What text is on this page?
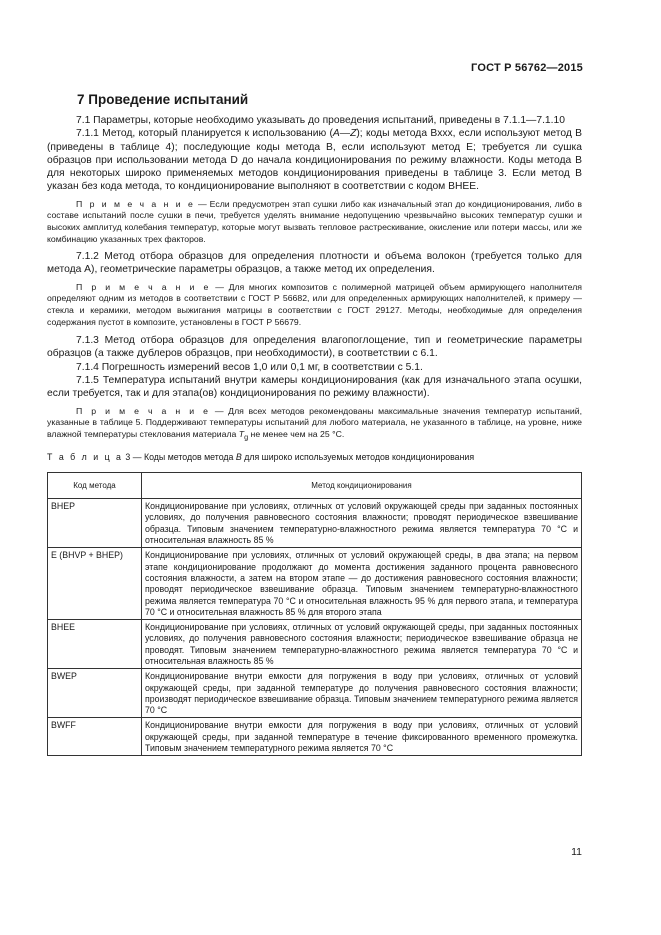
ГОСТ Р 56762—2015
7 Проведение испытаний

7.1 Параметры, которые необходимо указывать до проведения испытаний, приведены в 7.1.1—7.1.10

7.1.1 Метод, который планируется к использованию (A—Z); коды метода Bxxx, если используют метод В (приведены в таблице 4); последующие коды метода В, если используют метод Е; требуется ли сушка образцов при использовании метода D до начала кондиционирования по режиму влажности. Коды метода В для некоторых широко применяемых методов кондиционирования приведены в таблице 3. Если метод В указан без кода метода, то кондиционирование выполняют в соответствии с кодом ВНЕЕ.

П р и м е ч а н и е — Если предусмотрен этап сушки либо как изначальный этап до кондиционирования, либо в составе испытаний после сушки в печи, требуется уделять внимание недопущению чрезвычайно высоких температур сушки и высоких амплитуд колебания температур, которые могут вызвать тепловое растрескивание, окисление или потери массы, или же комбинацию указанных трех факторов.

7.1.2 Метод отбора образцов для определения плотности и объема волокон (требуется только для метода А), геометрические параметры образцов, а также метод их определения.

П р и м е ч а н и е — Для многих композитов с полимерной матрицей объем армирующего наполнителя определяют одним из методов в соответствии с ГОСТ Р 56682, или для определенных армирующих наполнителей, к примеру — стекла и керамики, методом выжигания матрицы в соответствии с ГОСТ 29127. Методы, необходимые для определения содержания пустот в композите, установлены в ГОСТ Р 56679.

7.1.3 Метод отбора образцов для определения влагопоглощение, тип и геометрические параметры образцов (а также дублеров образцов, при необходимости), в соответствии с 6.1.

7.1.4 Погрешность измерений весов 1,0 или 0,1 мг, в соответствии с 5.1.

7.1.5 Температура испытаний внутри камеры кондиционирования (как для изначального этапа осушки, если требуется, так и для этапа(ов) кондиционирования по режиму влажности).

П р и м е ч а н и е — Для всех методов рекомендованы максимальные значения температур испытаний, указанные в таблице 5. Поддерживают температуры испытаний для любого материала, не указанного в таблице, на уровне, ниже влажной температуры стеклования материала $T_g$ не менее чем на 25 °С.

Т а б л и ц а 3 — Коды методов метода В для широко используемых методов кондиционирования

Код метода	Метод кондиционирования
BHEP	Кондиционирование при условиях, отличных от условий окружающей среды при заданных постоянных условиях, до получения равновесного состояния влажности; проводят периодическое взвешивание образца. Типовым значением температурно-влажностного режима является температура 70 °С и относительная влажность 85 %
E (BHVP + BHEP)	Кондиционирование при условиях, отличных от условий окружающей среды, в два этапа; на первом этапе кондиционирование продолжают до момента достижения заданного процента равновесного состояния влажности, а затем на втором этапе — до достижения равновесного состояния влажности; проводят периодическое взвешивание образца. Типовым значением температурно-влажностного режима является температура 70 °С и относительная влажность 95 % для первого этапа, и температура 70 °С и относительная влажность 85 % для второго этапа
BHEE	Кондиционирование при условиях, отличных от условий окружающей среды, при заданных постоянных условиях, до получения равновесного состояния влажности; периодическое взвешивание образца не проводят. Типовым значением температурно-влажностного режима является температура 70 °С и относительная влажность 85 %
BWEP	Кондиционирование внутри емкости для погружения в воду при условиях, отличных от условий окружающей среды, при заданной температуре до получения равновесного состояния влажности; производят периодическое взвешивание образца. Типовым значением температурного режима является 70 °С
BWFF	Кондиционирование внутри емкости для погружения в воду при условиях, отличных от условий окружающей среды, при заданной температуре в течение фиксированного временного промежутка. Типовым значением температурного режима является 70 °С
11
